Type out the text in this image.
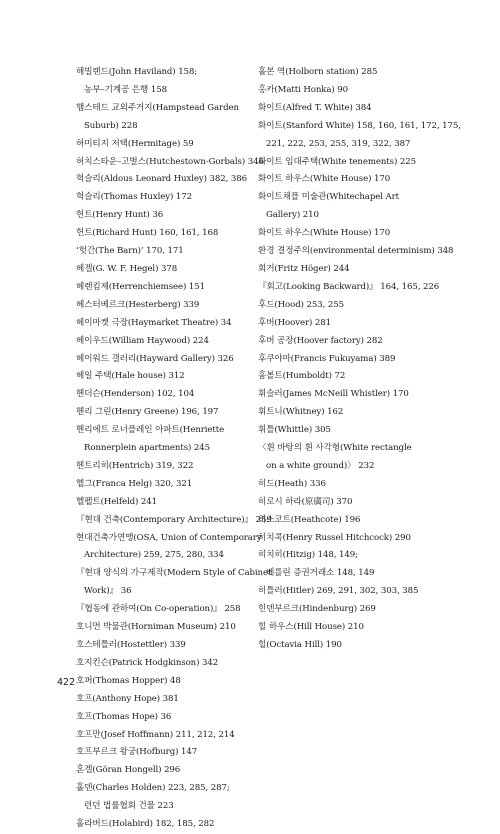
해빌랜드(John Haviland) 158;
농부–기계공 은행 158
햄스테드 교외주거지(Hampstead Garden
Suburb) 228
허미티지 저택(Hermitage) 59
허치스타운–고벌스(Hutchestown-Gorbals) 346
헉슬리(Aldous Leonard Huxley) 382, 386
헉슬리(Thomas Huxley) 172
헌트(Henry Hunt) 36
헌트(Richard Hunt) 160, 161, 168
‘헛간(The Barn)’ 170, 171
헤겔(G. W. F. Hegel) 378
헤렌킴제(Herrenchiemsee) 151
헤스터베르크(Hesterberg) 339
헤이마켓 극장(Haymarket Theatre) 34
헤이우드(William Haywood) 224
헤이워드 갤러리(Hayward Gallery) 326
헤일 주택(Hale house) 312
헨더슨(Henderson) 102, 104
헨리 그린(Henry Greene) 196, 197
헨리에트 로너플레인 아파트(Henriette
Ronnerplein apartments) 245
헨트리히(Hentrich) 319, 322
헬그(Franca Helg) 320, 321
헬펠트(Helfeld) 241
『현대 건축(Contemporary Architecture)』 259
현대건축가연맹(OSA, Union of Contemporary
Architecture) 259, 275, 280, 334
『현대 양식의 가구제작(Modern Style of Cabinet
Work)』 36
『협동에 관하여(On Co-operation)』 258
호니먼 박물관(Horniman Museum) 210
호스테틀러(Hostettler) 339
호지킨슨(Patrick Hodgkinson) 342
호퍼(Thomas Hopper) 48
호프(Anthony Hope) 381
호프(Thomas Hope) 36
호프만(Josef Hoffmann) 211, 212, 214
호프부르크 왕궁(Hofburg) 147
혼겔(Göran Hongell) 296
홀덴(Charles Holden) 223, 285, 287;
런던 법률협회 건물 223
홀라버드(Holabird) 182, 185, 282
홀본 역(Holborn station) 285
홍카(Matti Honka) 90
화이트(Alfred T. White) 384
화이트(Stanford White) 158, 160, 161, 172, 175,
221, 222, 253, 255, 319, 322, 387
화이트 임대주택(White tenements) 225
화이트 하우스(White House) 170
화이트채플 미술관(Whitechapel Art
Gallery) 210
화이트 하우스(White House) 170
환경 결정주의(environmental determinism) 348
회거(Fritz Höger) 244
『회고(Looking Backward)』 164, 165, 226
후드(Hood) 253, 255
후버(Hoover) 281
후버 공장(Hoover factory) 282
후쿠야마(Francis Fukuyama) 389
훔볼트(Humboldt) 72
휘슬러(James McNeill Whistler) 170
휘트니(Whitney) 162
휘틀(Whittle) 305
〈흰 바탕의 흰 사각형(White rectangle
on a white ground)〉 232
히드(Heath) 336
히로시 하라(原廣司) 370
히스코트(Heathcote) 196
히치콕(Henry Russel Hitchcock) 290
히치히(Hitzig) 148, 149;
베를린 증권거래소 148, 149
히틀러(Hitler) 269, 291, 302, 303, 385
힌덴부르크(Hindenburg) 269
힐 하우스(Hill House) 210
힐(Octavia Hill) 190
422
